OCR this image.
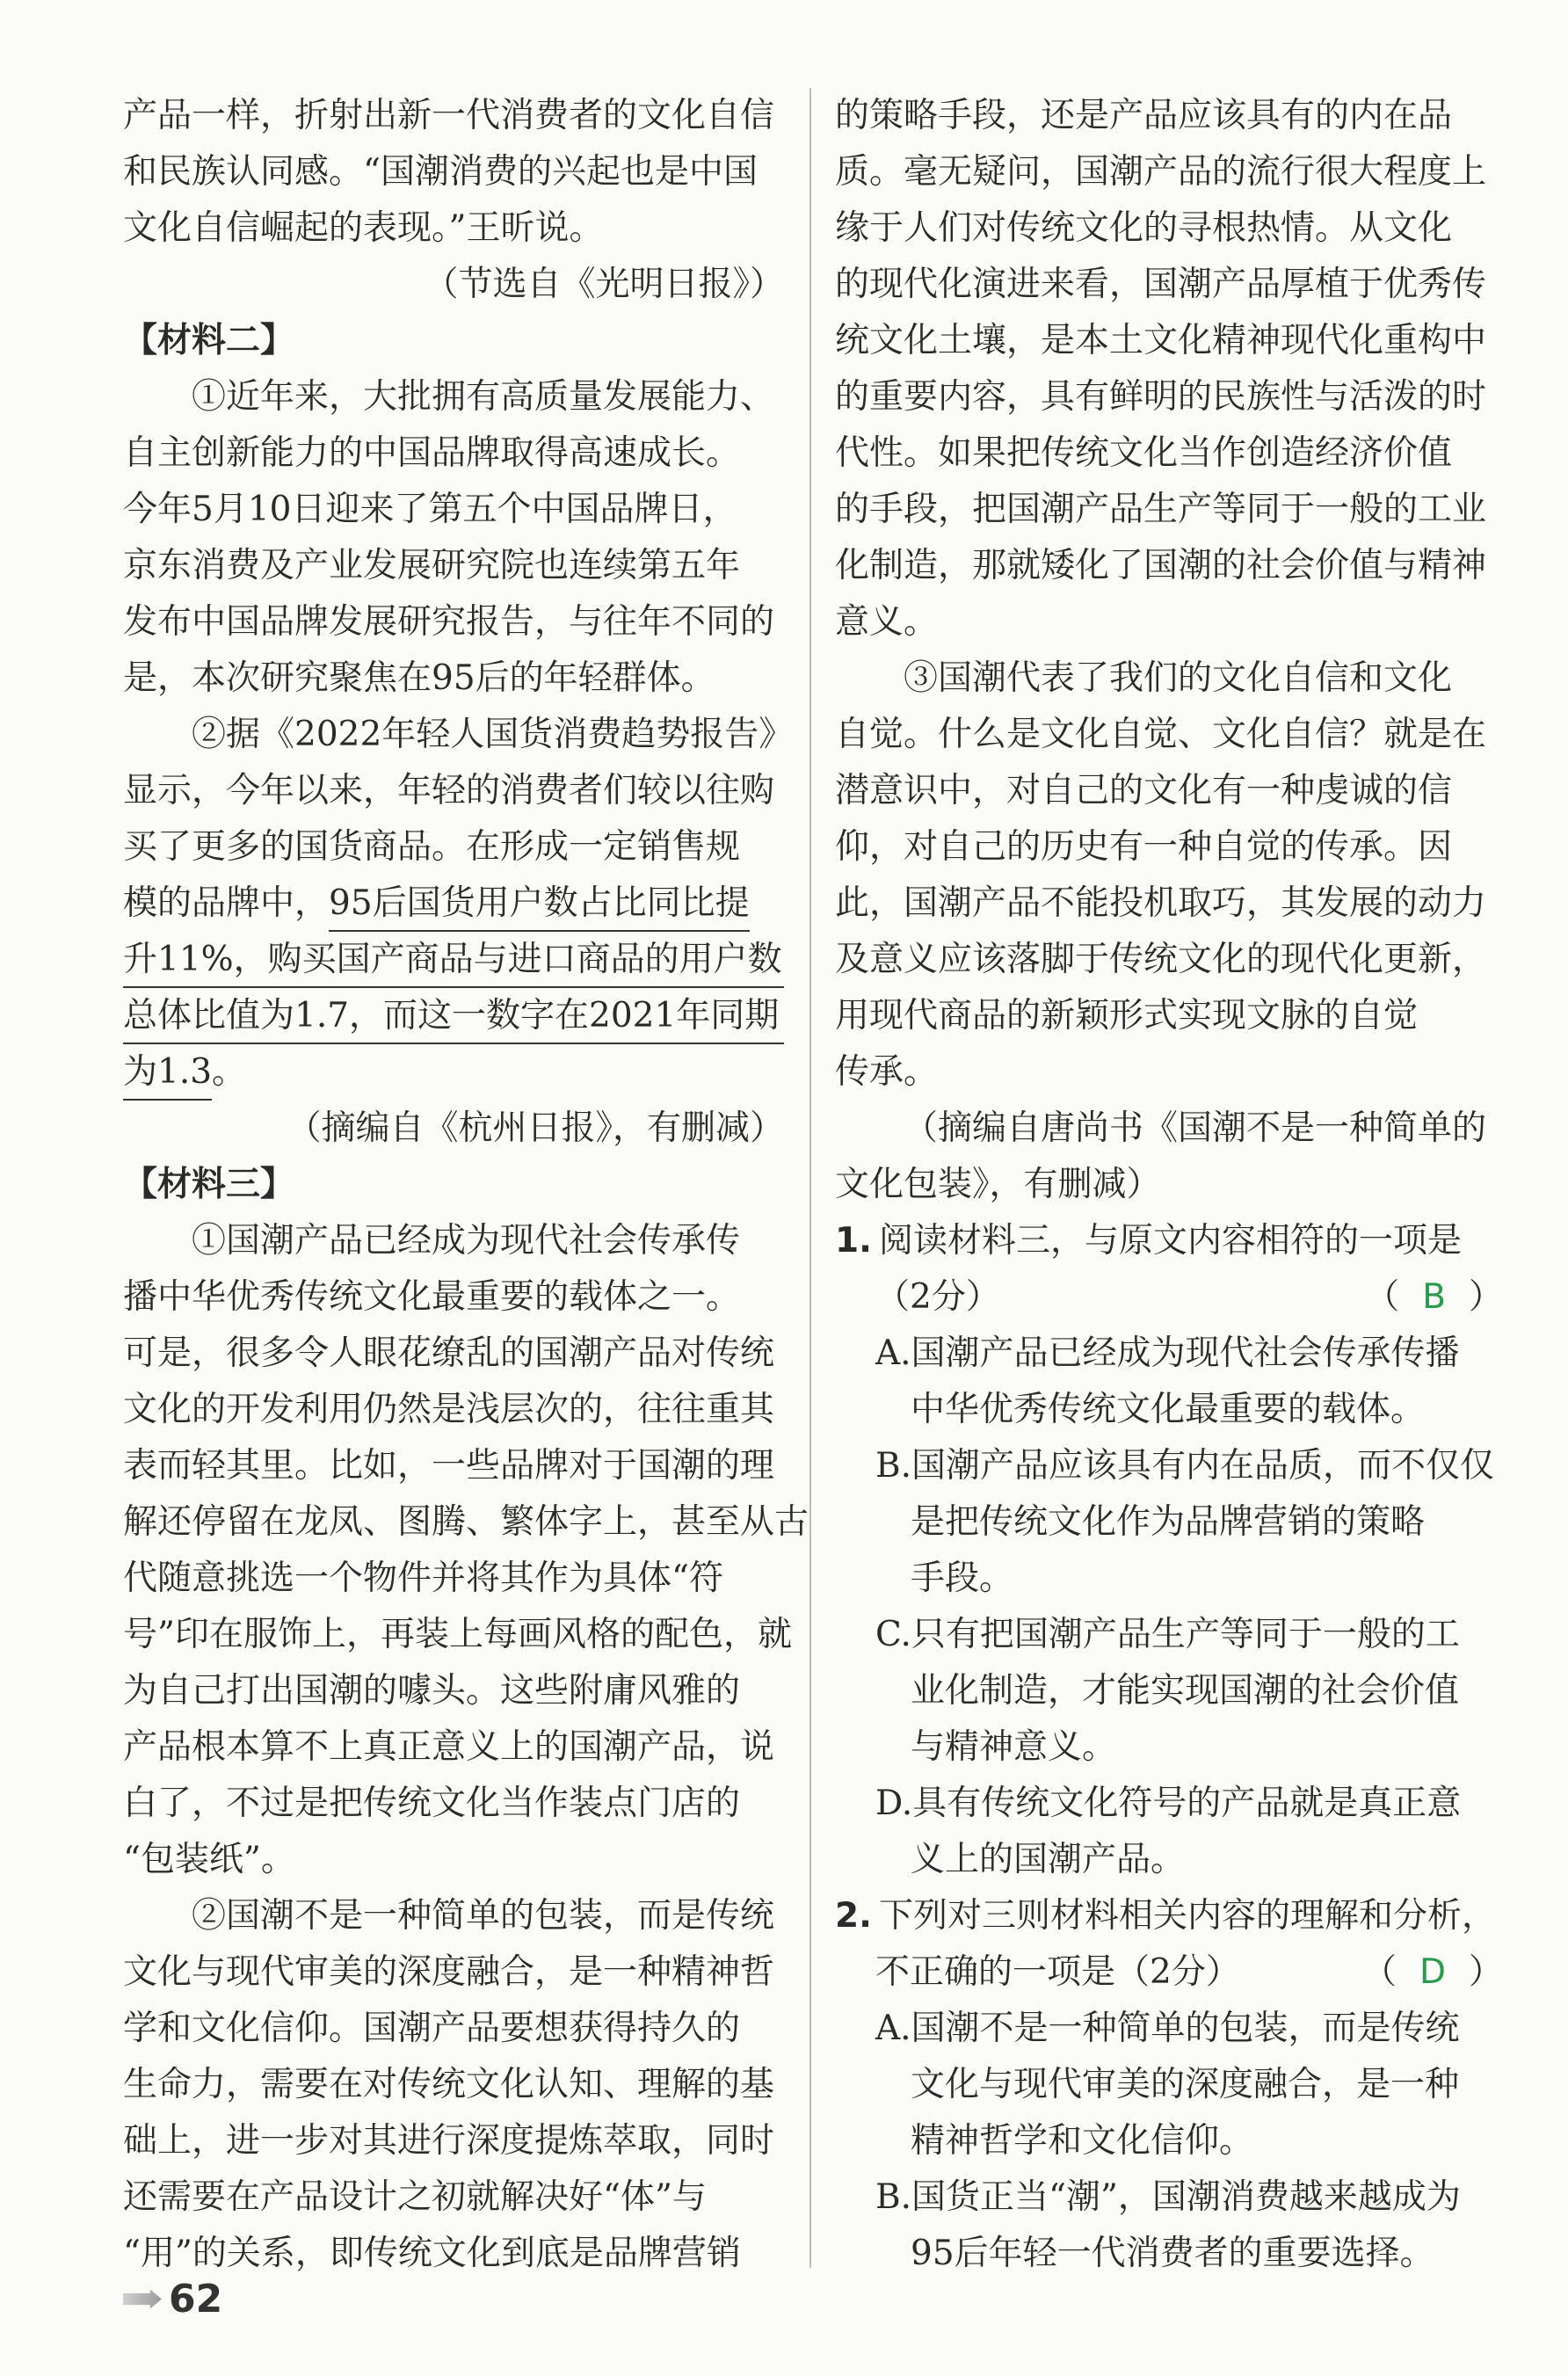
产品一样，折射出新一代消费者的文化自信
和民族认同感。“国潮消费的兴起也是中国
文化自信崛起的表现。”王昕说。
（节选自《光明日报》）
【材料二】
①近年来，大批拥有高质量发展能力、
自主创新能力的中国品牌取得高速成长。
今年5月10日迎来了第五个中国品牌日，
京东消费及产业发展研究院也连续第五年
发布中国品牌发展研究报告，与往年不同的
是，本次研究聚焦在95后的年轻群体。
②据《2022年轻人国货消费趋势报告》
显示，今年以来，年轻的消费者们较以往购
买了更多的国货商品。在形成一定销售规
模的品牌中， 95后国货用户数占比同比提
升11%，购买国产商品与进口商品的用户数
总体比值为1.7，而这一数字在2021年同期
为1.3 。
（摘编自《杭州日报》，有删减）
【材料三】
①国潮产品已经成为现代社会传承传
播中华优秀传统文化最重要的载体之一。
可是，很多令人眼花缭乱的国潮产品对传统
文化的开发利用仍然是浅层次的，往往重其
表而轻其里。比如，一些品牌对于国潮的理
解还停留在龙凤、图腾、繁体字上，甚至从古
代随意挑选一个物件并将其作为具体“符
号”印在服饰上，再装上每画风格的配色，就
为自己打出国潮的噱头。这些附庸风雅的
产品根本算不上真正意义上的国潮产品，说
白了，不过是把传统文化当作装点门店的
“包装纸”。
②国潮不是一种简单的包装，而是传统
文化与现代审美的深度融合，是一种精神哲
学和文化信仰。国潮产品要想获得持久的
生命力，需要在对传统文化认知、理解的基
础上，进一步对其进行深度提炼萃取，同时
还需要在产品设计之初就解决好“体”与
“用”的关系，即传统文化到底是品牌营销
的策略手段，还是产品应该具有的内在品
质。毫无疑问，国潮产品的流行很大程度上
缘于人们对传统文化的寻根热情。从文化
的现代化演进来看，国潮产品厚植于优秀传
统文化土壤，是本土文化精神现代化重构中
的重要内容，具有鲜明的民族性与活泼的时
代性。如果把传统文化当作创造经济价值
的手段，把国潮产品生产等同于一般的工业
化制造，那就矮化了国潮的社会价值与精神
意义。
③国潮代表了我们的文化自信和文化
自觉。什么是文化自觉、文化自信？就是在
潜意识中，对自己的文化有一种虔诚的信
仰，对自己的历史有一种自觉的传承。因
此，国潮产品不能投机取巧，其发展的动力
及意义应该落脚于传统文化的现代化更新，
用现代商品的新颖形式实现文脉的自觉
传承。
（摘编自唐尚书《国潮不是一种简单的
文化包装》，有删减）
1. 阅读材料三，与原文内容相符的一项是
（2分）	（ B ）
A.国潮产品已经成为现代社会传承传播
中华优秀传统文化最重要的载体。
B.国潮产品应该具有内在品质，而不仅仅
是把传统文化作为品牌营销的策略
手段。
C.只有把国潮产品生产等同于一般的工
业化制造，才能实现国潮的社会价值
与精神意义。
D.具有传统文化符号的产品就是真正意
义上的国潮产品。
2. 下列对三则材料相关内容的理解和分析，
不正确的一项是（2分）	（ D ）
A.国潮不是一种简单的包装，而是传统
文化与现代审美的深度融合，是一种
精神哲学和文化信仰。
B.国货正当“潮”，国潮消费越来越成为
95后年轻一代消费者的重要选择。
62
